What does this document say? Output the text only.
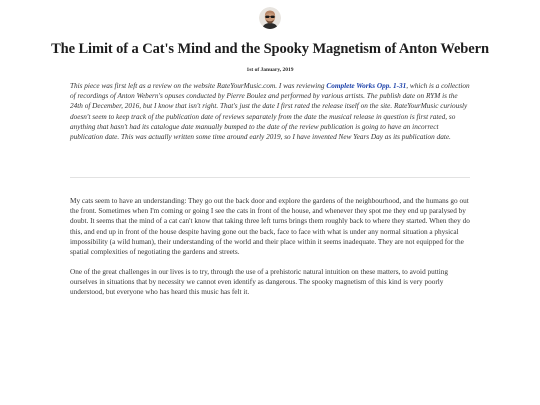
The Limit of a Cat's Mind and the Spooky Magnetism of Anton Webern
1st of January, 2019

This piece was first left as a review on the website RateYourMusic.com. I was reviewing Complete Works Opp. 1-31, which is a collection of recordings of Anton Webern's opuses conducted by Pierre Boulez and performed by various artists. The publish date on RYM is the 24th of December, 2016, but I know that isn't right. That's just the date I first rated the release itself on the site. RateYourMusic curiously doesn't seem to keep track of the publication date of reviews separately from the date the musical release in question is first rated, so anything that hasn't had its catalogue date manually bumped to the date of the review publication is going to have an incorrect publication date. This was actually written some time around early 2019, so I have invented New Years Day as its publication date.

My cats seem to have an understanding: They go out the back door and explore the gardens of the neighbourhood, and the humans go out the front. Sometimes when I'm coming or going I see the cats in front of the house, and whenever they spot me they end up paralysed by doubt. It seems that the mind of a cat can't know that taking three left turns brings them roughly back to where they started. When they do this, and end up in front of the house despite having gone out the back, face to face with what is under any normal situation a physical impossibility (a wild human), their understanding of the world and their place within it seems inadequate. They are not equipped for the spatial complexities of negotiating the gardens and streets.

One of the great challenges in our lives is to try, through the use of a prehistoric natural intuition on these matters, to avoid putting ourselves in situations that by necessity we cannot even identify as dangerous. The spooky magnetism of this kind is very poorly understood, but everyone who has heard this music has felt it.
